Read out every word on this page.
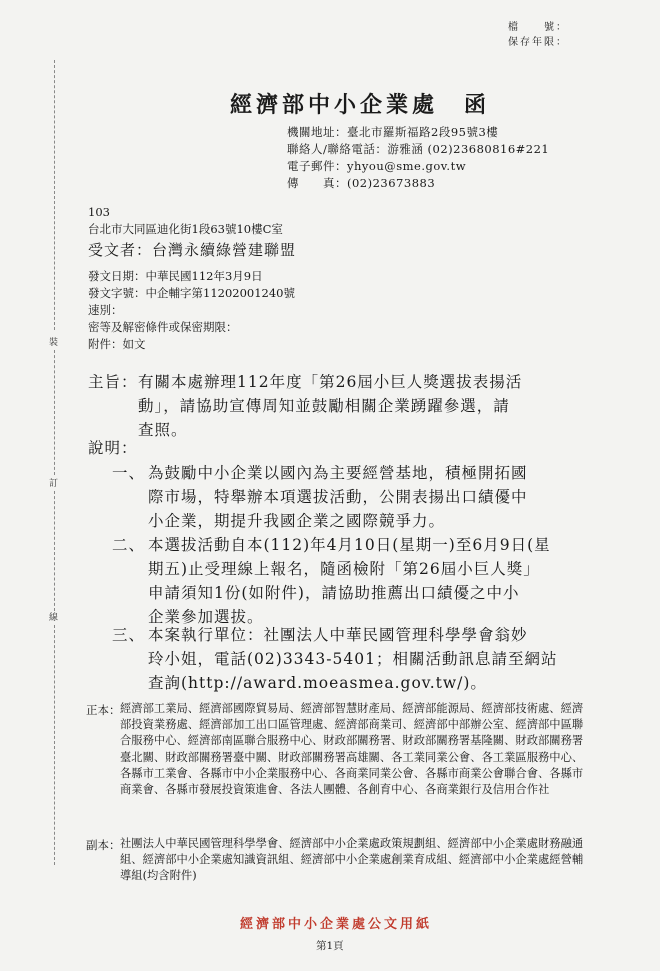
檔　　號：
保存年限：
裝
訂
線
經濟部中小企業處　函
機關地址：臺北市羅斯福路2段95號3樓
聯絡人/聯絡電話：游雅涵 (02)23680816#221
電子郵件：yhyou@sme.gov.tw
傳　　真：(02)23673883
103
台北市大同區迪化街1段63號10樓C室
受文者：台灣永續綠營建聯盟
發文日期：中華民國112年3月9日
發文字號：中企輔字第11202001240號
速別：
密等及解密條件或保密期限：
附件：如文
主旨： 有關本處辦理112年度「第26屆小巨人獎選拔表揚活
動」，請協助宣傳周知並鼓勵相關企業踴躍參選，請
查照。
說明：
一、 為鼓勵中小企業以國內為主要經營基地，積極開拓國
際市場，特舉辦本項選拔活動，公開表揚出口績優中
小企業，期提升我國企業之國際競爭力。
二、 本選拔活動自本(112)年4月10日(星期一)至6月9日(星
期五)止受理線上報名，隨函檢附「第26屆小巨人獎」
申請須知1份(如附件)，請協助推薦出口績優之中小
企業參加選拔。
三、 本案執行單位：社團法人中華民國管理科學學會翁妙
玲小姐，電話(02)3343-5401；相關活動訊息請至網站
查詢(http://award.moeasmea.gov.tw/)。
正本： 經濟部工業局、經濟部國際貿易局、經濟部智慧財產局、經濟部能源局、經濟部技術處、經濟部投資業務處、經濟部加工出口區管理處、經濟部商業司、經濟部中部辦公室、經濟部中區聯合服務中心、經濟部南區聯合服務中心、財政部關務署、財政部關務署基隆關、財政部關務署臺北關、財政部關務署臺中關、財政部關務署高雄關、各工業同業公會、各工業區服務中心、各縣市工業會、各縣市中小企業服務中心、各商業同業公會、各縣市商業公會聯合會、各縣市商業會、各縣市發展投資策進會、各法人團體、各創育中心、各商業銀行及信用合作社
副本： 社團法人中華民國管理科學學會、經濟部中小企業處政策規劃組、經濟部中小企業處財務融通組、經濟部中小企業處知識資訊組、經濟部中小企業處創業育成組、經濟部中小企業處經營輔導組(均含附件)
經濟部中小企業處公文用紙
第1頁
